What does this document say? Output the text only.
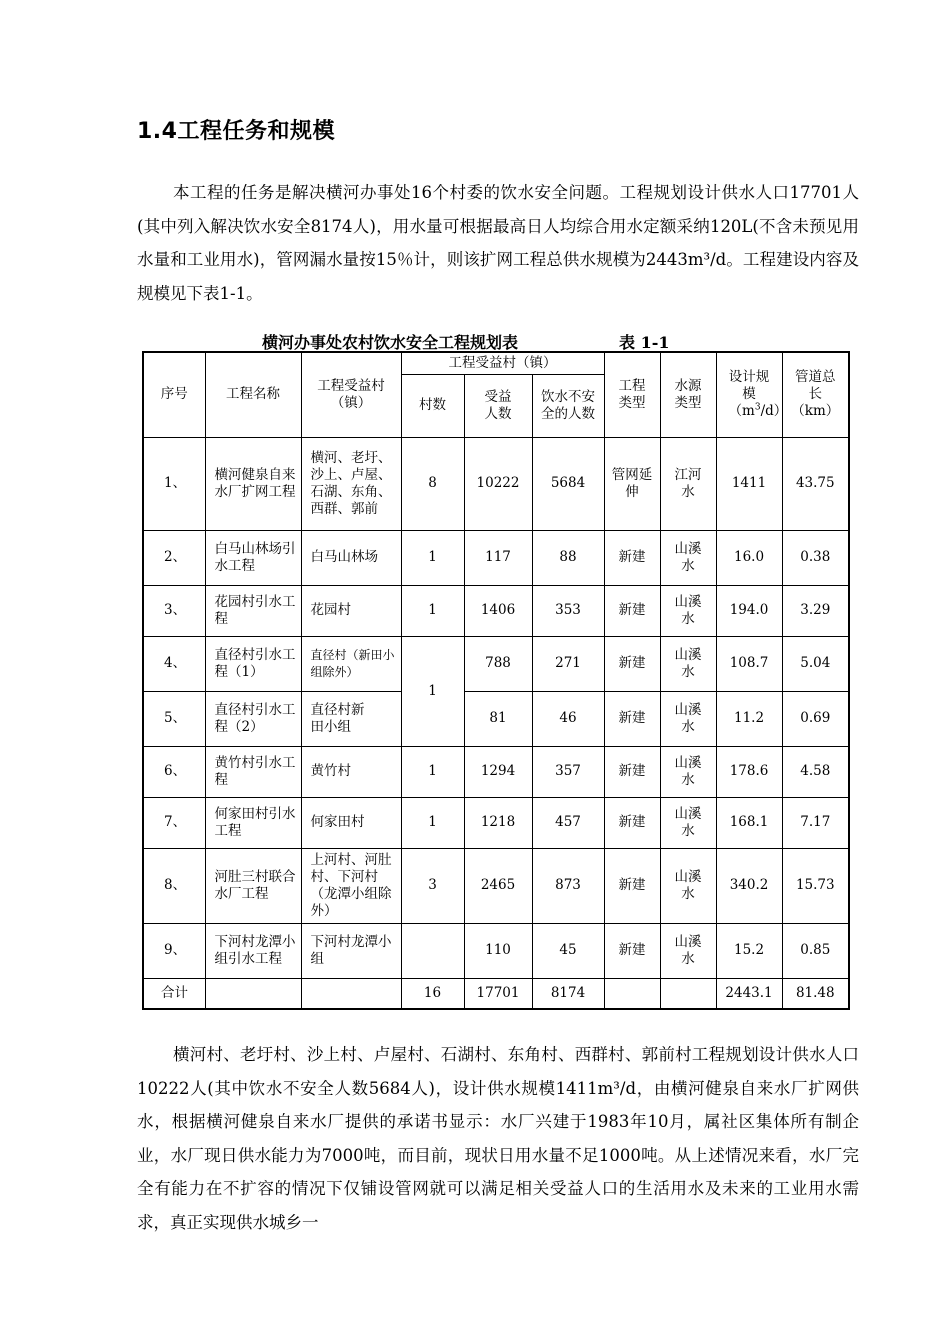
1.4工程任务和规模

本工程的任务是解决横河办事处16个村委的饮水安全问题。工程规划设计供水人口17701人(其中列入解决饮水安全8174人)，用水量可根据最高日人均综合用水定额采纳120L(不含未预见用水量和工业用水)，管网漏水量按15％计，则该扩网工程总供水规模为2443m³/d。工程建设内容及规模见下表1-1。

横河办事处农村饮水安全工程规划表	表 1-1
序号	工程名称	工程受益村（镇）	工程受益村（镇）			工程类型	水源类型	设计规模$(m^3/d)$	管道总长（km）
			村数	受益人数	饮水不安全的人数				
1、	横河健泉自来水厂扩网工程	横河、老圩、沙上、卢屋、石湖、东角、西群、郭前	8	10222	5684	管网延伸	江河水	1411	43.75
2、	白马山林场引水工程	白马山林场	1	117	88	新建	山溪水	16.0	0.38
3、	花园村引水工程	花园村	1	1406	353	新建	山溪水	194.0	3.29
4、	直径村引水工程（1）	直径村（新田小组除外）	1	788	271	新建	山溪水	108.7	5.04
5、	直径村引水工程（2）	直径村新田小组		81	46	新建	山溪水	11.2	0.69
6、	黄竹村引水工程	黄竹村	1	1294	357	新建	山溪水	178.6	4.58
7、	何家田村引水工程	何家田村	1	1218	457	新建	山溪水	168.1	7.17
8、	河肚三村联合水厂工程	上河村、河肚村、下河村（龙潭小组除外）	3	2465	873	新建	山溪水	340.2	15.73
9、	下河村龙潭小组引水工程	下河村龙潭小组		110	45	新建	山溪水	15.2	0.85
合计			16	17701	8174			2443.1	81.48

横河村、老圩村、沙上村、卢屋村、石湖村、东角村、西群村、郭前村工程规划设计供水人口10222人(其中饮水不安全人数5684人)，设计供水规模1411m³/d，由横河健泉自来水厂扩网供水，根据横河健泉自来水厂提供的承诺书显示：水厂兴建于1983年10月，属社区集体所有制企业，水厂现日供水能力为7000吨，而目前，现状日用水量不足1000吨。从上述情况来看，水厂完全有能力在不扩容的情况下仅铺设管网就可以满足相关受益人口的生活用水及未来的工业用水需求，真正实现供水城乡一
